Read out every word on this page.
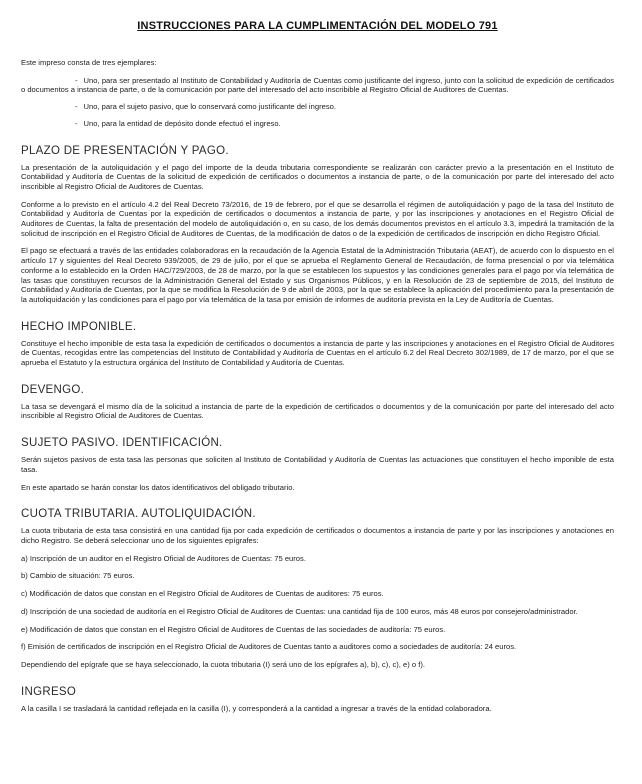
INSTRUCCIONES PARA LA CUMPLIMENTACIÓN DEL MODELO 791

Este impreso consta de tres ejemplares:

- Uno, para ser presentado al Instituto de Contabilidad y Auditoría de Cuentas como justificante del ingreso, junto con la solicitud de expedición de certificados o documentos a instancia de parte, o de la comunicación por parte del interesado del acto inscribible al Registro Oficial de Auditores de Cuentas.

- Uno, para el sujeto pasivo, que lo conservará como justificante del ingreso.

- Uno, para la entidad de depósito donde efectuó el ingreso.

PLAZO DE PRESENTACIÓN Y PAGO.

La presentación de la autoliquidación y el pago del importe de la deuda tributaria correspondiente se realizarán con carácter previo a la presentación en el Instituto de Contabilidad y Auditoría de Cuentas de la solicitud de expedición de certificados o documentos a instancia de parte, o de la comunicación por parte del interesado del acto inscribible al Registro Oficial de Auditores de Cuentas.

Conforme a lo previsto en el artículo 4.2 del Real Decreto 73/2016, de 19 de febrero, por el que se desarrolla el régimen de autoliquidación y pago de la tasa del Instituto de Contabilidad y Auditoría de Cuentas por la expedición de certificados o documentos a instancia de parte, y por las inscripciones y anotaciones en el Registro Oficial de Auditores de Cuentas, la falta de presentación del modelo de autoliquidación o, en su caso, de los demás documentos previstos en el artículo 3.3, impedirá la tramitación de la solicitud de inscripción en el Registro Oficial de Auditores de Cuentas, de la modificación de datos o de la expedición de certificados de inscripción en dicho Registro Oficial.

El pago se efectuará a través de las entidades colaboradoras en la recaudación de la Agencia Estatal de la Administración Tributaria (AEAT), de acuerdo con lo dispuesto en el artículo 17 y siguientes del Real Decreto 939/2005, de 29 de julio, por el que se aprueba el Reglamento General de Recaudación, de forma presencial o por vía telemática conforme a lo establecido en la Orden HAC/729/2003, de 28 de marzo, por la que se establecen los supuestos y las condiciones generales para el pago por vía telemática de las tasas que constituyen recursos de la Administración General del Estado y sus Organismos Públicos, y en la Resolución de 23 de septiembre de 2015, del Instituto de Contabilidad y Auditoría de Cuentas, por la que se modifica la Resolución de 9 de abril de 2003, por la que se establece la aplicación del procedimiento para la presentación de la autoliquidación y las condiciones para el pago por vía telemática de la tasa por emisión de informes de auditoría prevista en la Ley de Auditoría de Cuentas.

HECHO IMPONIBLE.

Constituye el hecho imponible de esta tasa la expedición de certificados o documentos a instancia de parte y las inscripciones y anotaciones en el Registro Oficial de Auditores de Cuentas, recogidas entre las competencias del Instituto de Contabilidad y Auditoría de Cuentas en el artículo 6.2 del Real Decreto 302/1989, de 17 de marzo, por el que se aprueba el Estatuto y la estructura orgánica del Instituto de Contabilidad y Auditoría de Cuentas.

DEVENGO.

La tasa se devengará el mismo día de la solicitud a instancia de parte de la expedición de certificados o documentos y de la comunicación por parte del interesado del acto inscribible al Registro Oficial de Auditores de Cuentas.

SUJETO PASIVO. IDENTIFICACIÓN.

Serán sujetos pasivos de esta tasa las personas que soliciten al Instituto de Contabilidad y Auditoría de Cuentas las actuaciones que constituyen el hecho imponible de esta tasa.

En este apartado se harán constar los datos identificativos del obligado tributario.

CUOTA TRIBUTARIA. AUTOLIQUIDACIÓN.

La cuota tributaria de esta tasa consistirá en una cantidad fija por cada expedición de certificados o documentos a instancia de parte y por las inscripciones y anotaciones en dicho Registro. Se deberá seleccionar uno de los siguientes epígrafes:

a) Inscripción de un auditor en el Registro Oficial de Auditores de Cuentas: 75 euros.

b) Cambio de situación: 75 euros.

c) Modificación de datos que constan en el Registro Oficial de Auditores de Cuentas de auditores: 75 euros.

d) Inscripción de una sociedad de auditoría en el Registro Oficial de Auditores de Cuentas: una cantidad fija de 100 euros, más 48 euros por consejero/administrador.

e) Modificación de datos que constan en el Registro Oficial de Auditores de Cuentas de las sociedades de auditoría: 75 euros.

f) Emisión de certificados de inscripción en el Registro Oficial de Auditores de Cuentas tanto a auditores como a sociedades de auditoría: 24 euros.

Dependiendo del epígrafe que se haya seleccionado, la cuota tributaria (I) será uno de los epígrafes a), b), c), c), e) o f).

INGRESO

A la casilla I se trasladará la cantidad reflejada en la casilla (I), y corresponderá a la cantidad a ingresar a través de la entidad colaboradora.
